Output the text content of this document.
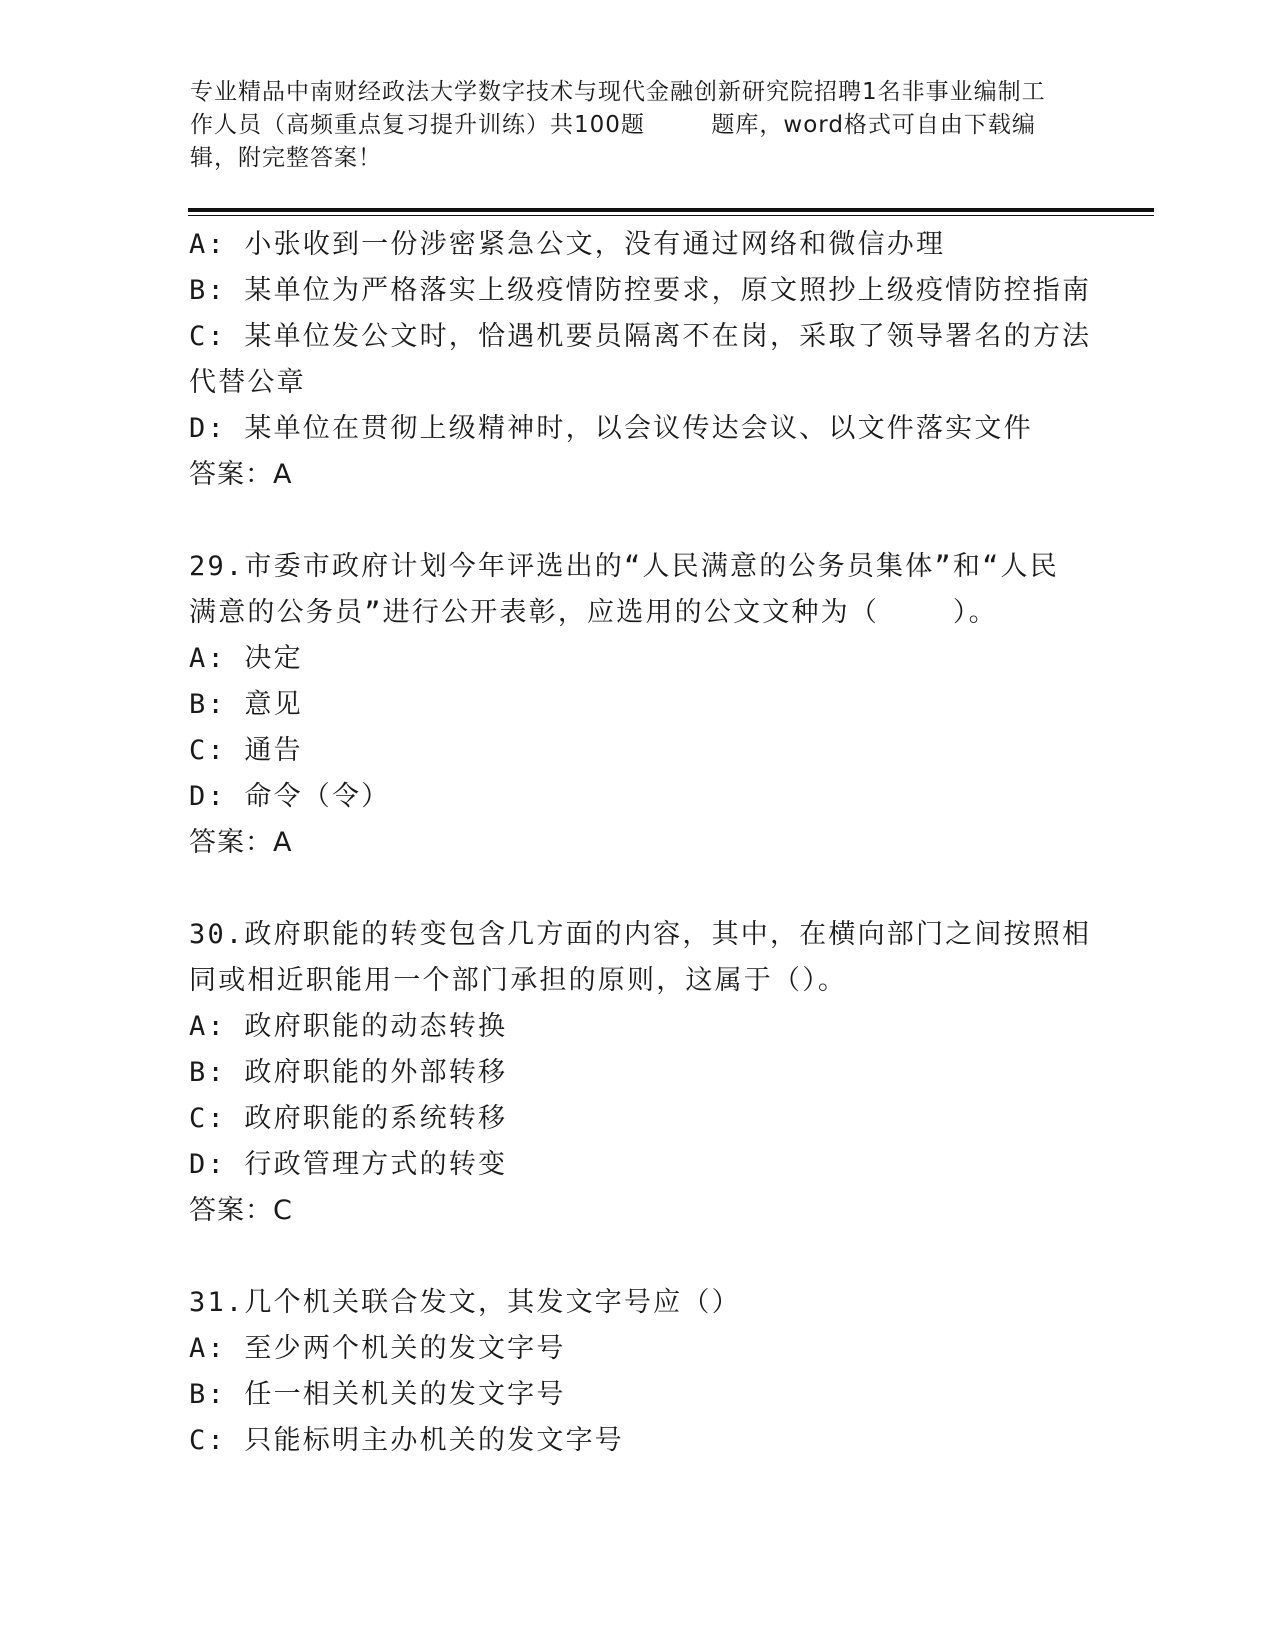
专业精品中南财经政法大学数字技术与现代金融创新研究院招聘1名非事业编制工
作人员（高频重点复习提升训练）共100题        题库，word格式可自由下载编
辑，附完整答案！
A: 小张收到一份涉密紧急公文，没有通过网络和微信办理
B: 某单位为严格落实上级疫情防控要求，原文照抄上级疫情防控指南
C: 某单位发公文时，恰遇机要员隔离不在岗，采取了领导署名的方法
代替公章
D: 某单位在贯彻上级精神时，以会议传达会议、以文件落实文件
答案：A
29.市委市政府计划今年评选出的“人民满意的公务员集体”和“人民
满意的公务员”进行公开表彰，应选用的公文文种为（    ）。
A: 决定
B: 意见
C: 通告
D: 命令（令）
答案：A
30.政府职能的转变包含几方面的内容，其中，在横向部门之间按照相
同或相近职能用一个部门承担的原则，这属于（）。
A: 政府职能的动态转换
B: 政府职能的外部转移
C: 政府职能的系统转移
D: 行政管理方式的转变
答案：C
31.几个机关联合发文，其发文字号应（）
A: 至少两个机关的发文字号
B: 任一相关机关的发文字号
C: 只能标明主办机关的发文字号
